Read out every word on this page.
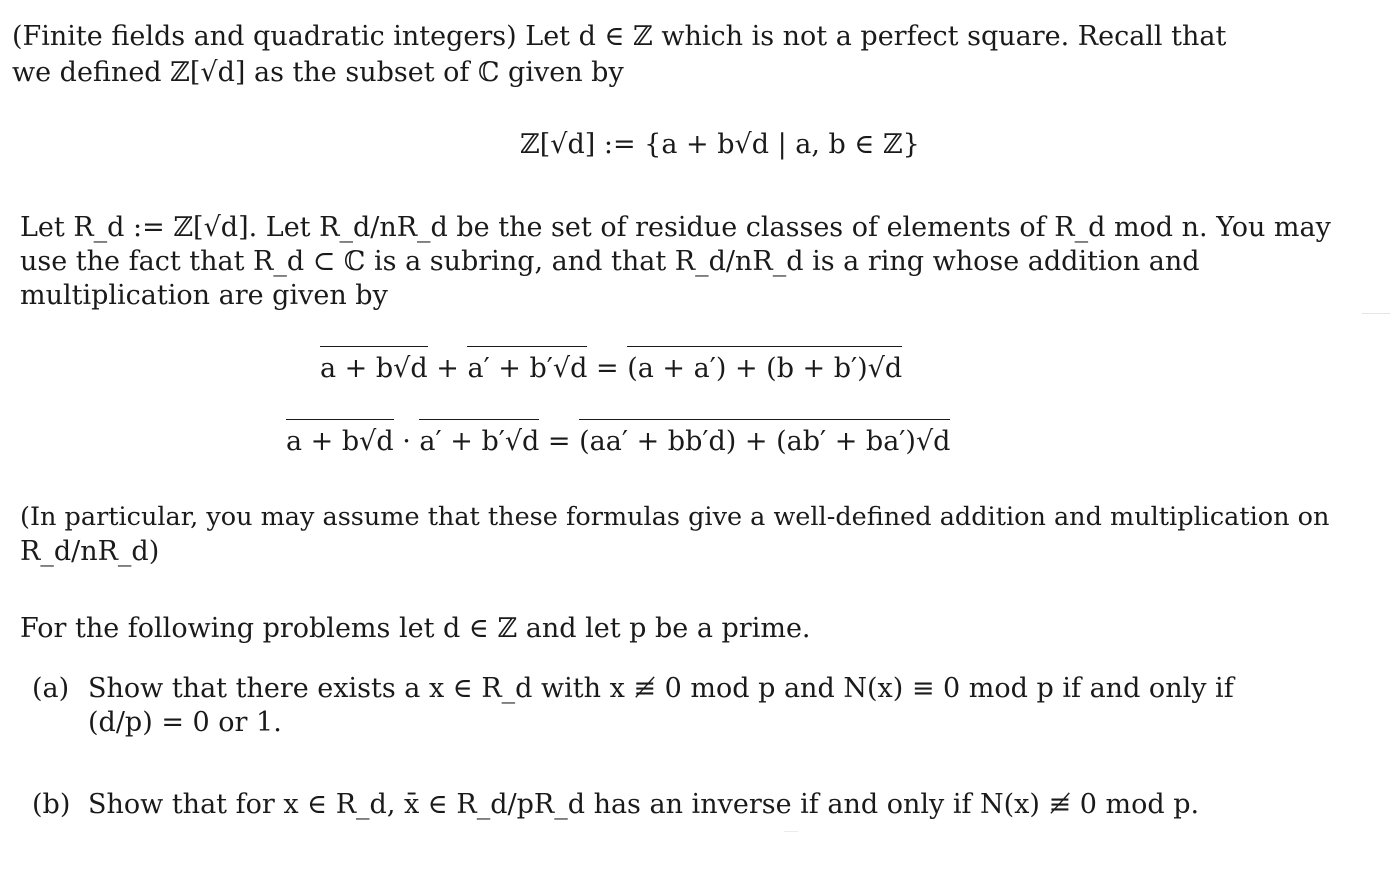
(Finite fields and quadratic integers) Let d ∈ ℤ which is not a perfect square. Recall that
we defined ℤ[√d] as the subset of ℂ given by
ℤ[√d] := {a + b√d | a, b ∈ ℤ}
Let R_d := ℤ[√d]. Let R_d/nR_d be the set of residue classes of elements of R_d mod n. You may
use the fact that R_d ⊂ ℂ is a subring, and that R_d/nR_d is a ring whose addition and
multiplication are given by
a + b√d + a′ + b′√d = (a + a′) + (b + b′)√d
a + b√d · a′ + b′√d = (aa′ + bb′d) + (ab′ + ba′)√d
(In particular, you may assume that these formulas give a well-defined addition and multiplication on
R_d/nR_d)
For the following problems let d ∈ ℤ and let p be a prime.
(a) Show that there exists a x ∈ R_d with x ≢ 0 mod p and N(x) ≡ 0 mod p if and only if
(d/p) = 0 or 1.
(b) Show that for x ∈ R_d, x̄ ∈ R_d/pR_d has an inverse if and only if N(x) ≢ 0 mod p.
